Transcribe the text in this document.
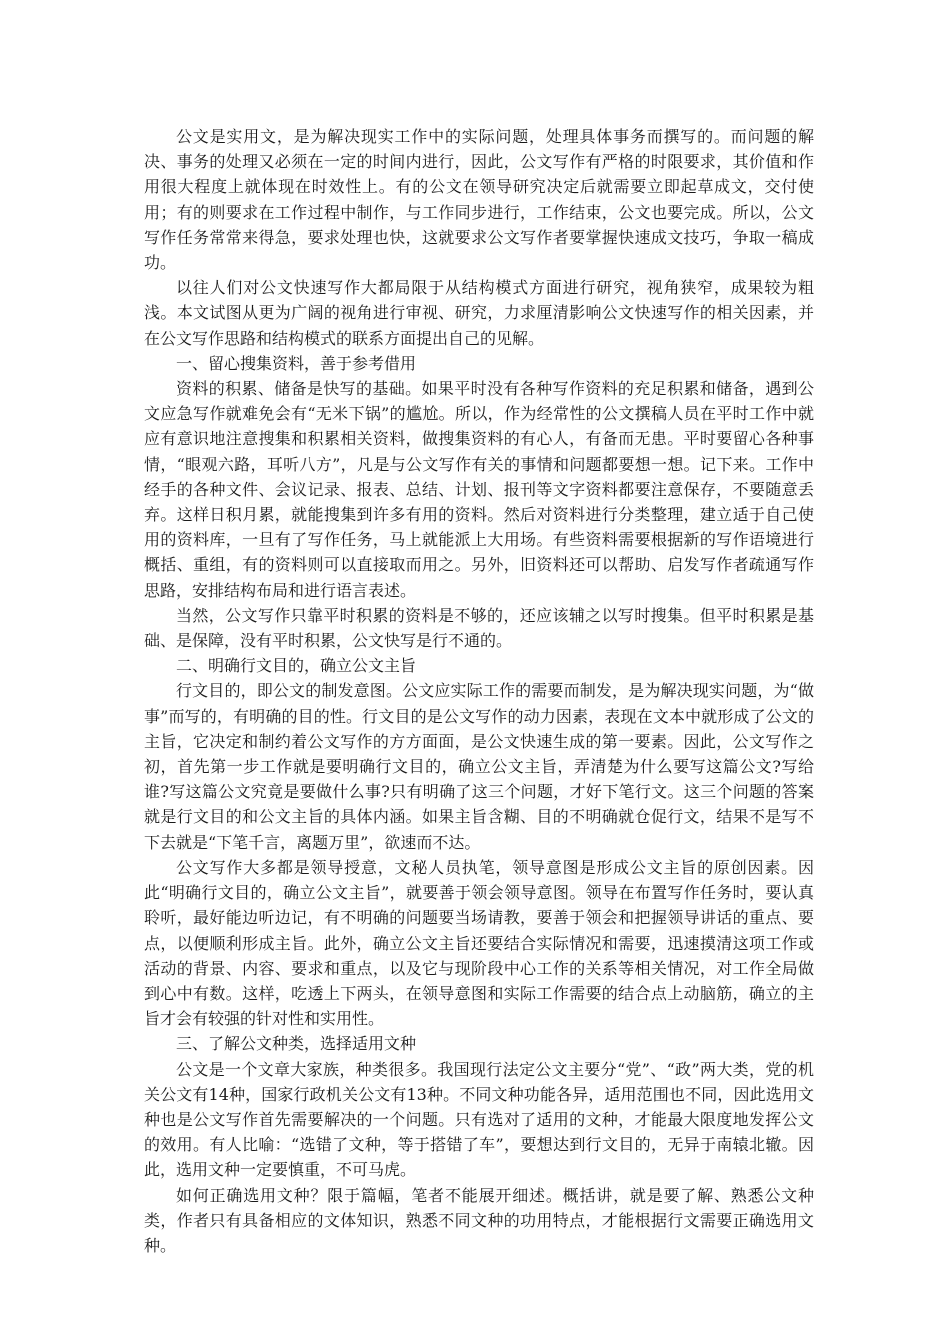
公文是实用文，是为解决现实工作中的实际问题，处理具体事务而撰写的。而问题的解决、事务的处理又必须在一定的时间内进行，因此，公文写作有严格的时限要求，其价值和作用很大程度上就体现在时效性上。有的公文在领导研究决定后就需要立即起草成文，交付使用；有的则要求在工作过程中制作，与工作同步进行，工作结束，公文也要完成。所以，公文写作任务常常来得急，要求处理也快，这就要求公文写作者要掌握快速成文技巧，争取一稿成功。

以往人们对公文快速写作大都局限于从结构模式方面进行研究，视角狭窄，成果较为粗浅。本文试图从更为广阔的视角进行审视、研究，力求厘清影响公文快速写作的相关因素，并在公文写作思路和结构模式的联系方面提出自己的见解。

一、留心搜集资料，善于参考借用

资料的积累、储备是快写的基础。如果平时没有各种写作资料的充足积累和储备，遇到公文应急写作就难免会有“无米下锅”的尴尬。所以，作为经常性的公文撰稿人员在平时工作中就应有意识地注意搜集和积累相关资料，做搜集资料的有心人，有备而无患。平时要留心各种事情，“眼观六路，耳听八方”，凡是与公文写作有关的事情和问题都要想一想。记下来。工作中经手的各种文件、会议记录、报表、总结、计划、报刊等文字资料都要注意保存，不要随意丢弃。这样日积月累，就能搜集到许多有用的资料。然后对资料进行分类整理，建立适于自己使用的资料库，一旦有了写作任务，马上就能派上大用场。有些资料需要根据新的写作语境进行概括、重组，有的资料则可以直接取而用之。另外，旧资料还可以帮助、启发写作者疏通写作思路，安排结构布局和进行语言表述。

当然，公文写作只靠平时积累的资料是不够的，还应该辅之以写时搜集。但平时积累是基础、是保障，没有平时积累，公文快写是行不通的。

二、明确行文目的，确立公文主旨

行文目的，即公文的制发意图。公文应实际工作的需要而制发，是为解决现实问题，为“做事”而写的，有明确的目的性。行文目的是公文写作的动力因素，表现在文本中就形成了公文的主旨，它决定和制约着公文写作的方方面面，是公文快速生成的第一要素。因此，公文写作之初，首先第一步工作就是要明确行文目的，确立公文主旨，弄清楚为什么要写这篇公文?写给谁?写这篇公文究竟是要做什么事?只有明确了这三个问题，才好下笔行文。这三个问题的答案就是行文目的和公文主旨的具体内涵。如果主旨含糊、目的不明确就仓促行文，结果不是写不下去就是“下笔千言，离题万里”，欲速而不达。

公文写作大多都是领导授意，文秘人员执笔，领导意图是形成公文主旨的原创因素。因此“明确行文目的，确立公文主旨”，就要善于领会领导意图。领导在布置写作任务时，要认真聆听，最好能边听边记，有不明确的问题要当场请教，要善于领会和把握领导讲话的重点、要点，以便顺利形成主旨。此外，确立公文主旨还要结合实际情况和需要，迅速摸清这项工作或活动的背景、内容、要求和重点，以及它与现阶段中心工作的关系等相关情况，对工作全局做到心中有数。这样，吃透上下两头，在领导意图和实际工作需要的结合点上动脑筋，确立的主旨才会有较强的针对性和实用性。

三、了解公文种类，选择适用文种

公文是一个文章大家族，种类很多。我国现行法定公文主要分“党”、“政”两大类，党的机关公文有14种，国家行政机关公文有13种。不同文种功能各异，适用范围也不同，因此选用文种也是公文写作首先需要解决的一个问题。只有选对了适用的文种，才能最大限度地发挥公文的效用。有人比喻：“选错了文种，等于搭错了车”，要想达到行文目的，无异于南辕北辙。因此，选用文种一定要慎重，不可马虎。

如何正确选用文种？限于篇幅，笔者不能展开细述。概括讲，就是要了解、熟悉公文种类，作者只有具备相应的文体知识，熟悉不同文种的功用特点，才能根据行文需要正确选用文种。
